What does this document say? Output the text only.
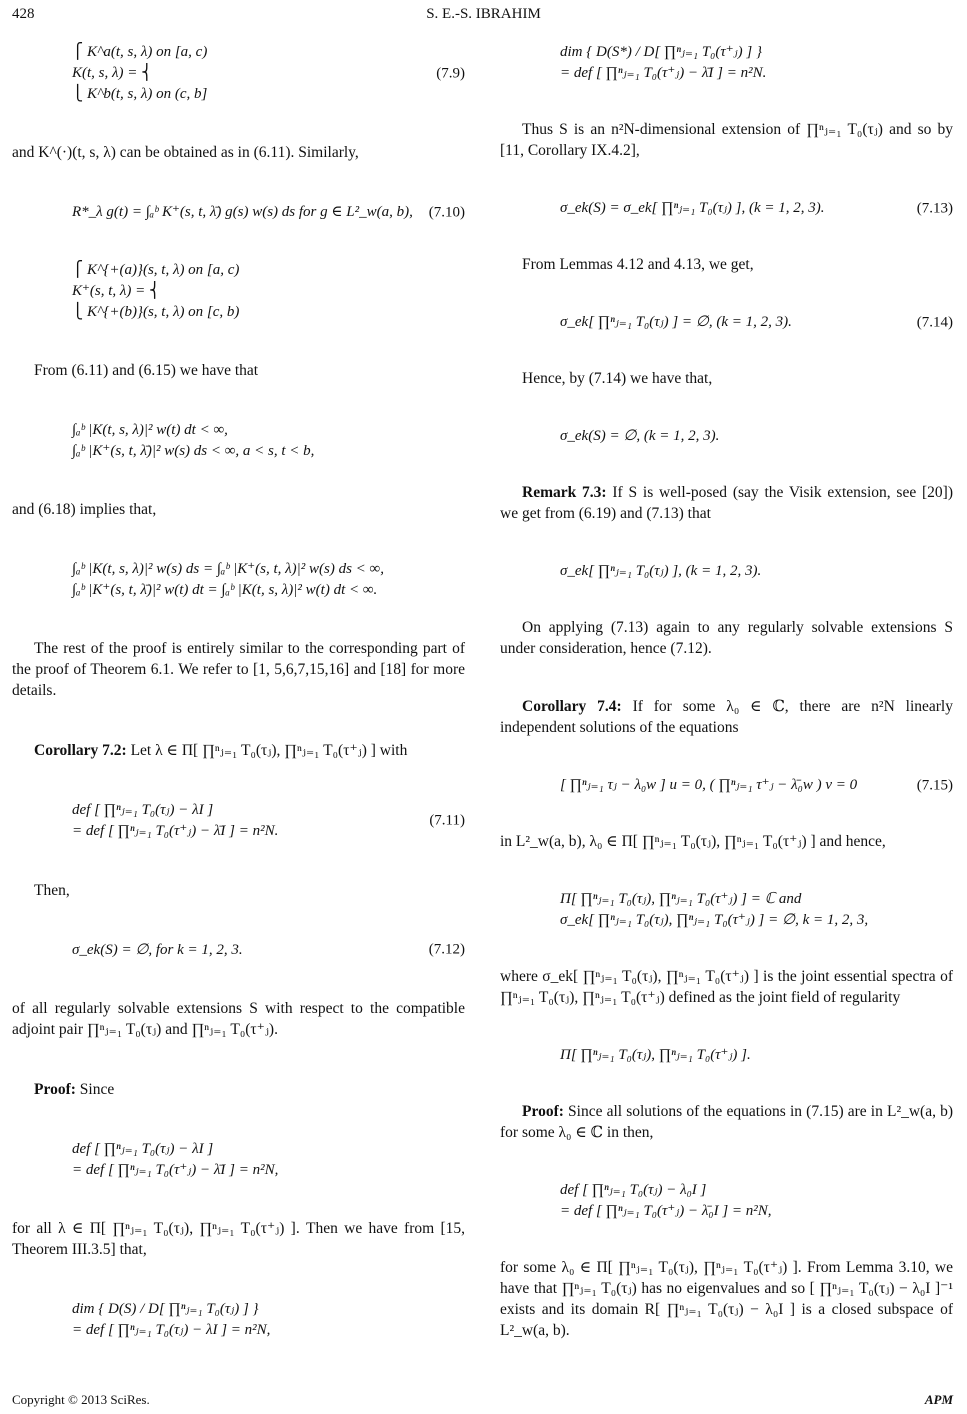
428	S. E.-S. IBRAHIM
⎧ K^a(t, s, λ) on [a, c)
K(t, s, λ) = ⎨
⎩ K^b(t, s, λ) on (c, b]
(7.9)

and K^(·)(t, s, λ) can be obtained as in (6.11). Similarly,

R*_λ g(t) = ∫ₐᵇ K⁺(s, t, λ̄) g(s) w(s) ds for g ∈ L²_w(a, b),	(7.10)
⎧ K^{+(a)}(s, t, λ) on [a, c)
K⁺(s, t, λ) = ⎨
⎩ K^{+(b)}(s, t, λ) on [c, b)

From (6.11) and (6.15) we have that

∫ₐᵇ |K(t, s, λ)|² w(t) dt < ∞,
∫ₐᵇ |K⁺(s, t, λ̄)|² w(s) ds < ∞, a < s, t < b,

and (6.18) implies that,

∫ₐᵇ |K(t, s, λ)|² w(s) ds = ∫ₐᵇ |K⁺(s, t, λ)|² w(s) ds < ∞,
∫ₐᵇ |K⁺(s, t, λ̄)|² w(t) dt = ∫ₐᵇ |K(t, s, λ)|² w(t) dt < ∞.

The rest of the proof is entirely similar to the corresponding part of the proof of Theorem 6.1. We refer to [1, 5,6,7,15,16] and [18] for more details.

Corollary 7.2: Let λ ∈ Π[ ∏ⁿⱼ₌₁ T₀(τⱼ), ∏ⁿⱼ₌₁ T₀(τ⁺ⱼ) ] with

def [ ∏ⁿⱼ₌₁ T₀(τⱼ) − λI ]
= def [ ∏ⁿⱼ₌₁ T₀(τ⁺ⱼ) − λ̄I ] = n²N.
(7.11)

Then,

σ_ek(S) = ∅, for k = 1, 2, 3.	(7.12)

of all regularly solvable extensions S with respect to the compatible adjoint pair ∏ⁿⱼ₌₁ T₀(τⱼ) and ∏ⁿⱼ₌₁ T₀(τ⁺ⱼ).

Proof: Since

def [ ∏ⁿⱼ₌₁ T₀(τⱼ) − λI ]
= def [ ∏ⁿⱼ₌₁ T₀(τ⁺ⱼ) − λ̄I ] = n²N,

for all λ ∈ Π[ ∏ⁿⱼ₌₁ T₀(τⱼ), ∏ⁿⱼ₌₁ T₀(τ⁺ⱼ) ]. Then we have from [15, Theorem III.3.5] that,

dim { D(S) / D[ ∏ⁿⱼ₌₁ T₀(τⱼ) ] }
= def [ ∏ⁿⱼ₌₁ T₀(τⱼ) − λI ] = n²N,
dim { D(S*) / D[ ∏ⁿⱼ₌₁ T₀(τ⁺ⱼ) ] }
= def [ ∏ⁿⱼ₌₁ T₀(τ⁺ⱼ) − λ̄I ] = n²N.

Thus S is an n²N-dimensional extension of ∏ⁿⱼ₌₁ T₀(τⱼ) and so by [11, Corollary IX.4.2],

σ_ek(S) = σ_ek[ ∏ⁿⱼ₌₁ T₀(τⱼ) ], (k = 1, 2, 3).	(7.13)

From Lemmas 4.12 and 4.13, we get,

σ_ek[ ∏ⁿⱼ₌₁ T₀(τⱼ) ] = ∅, (k = 1, 2, 3).	(7.14)

Hence, by (7.14) we have that,

σ_ek(S) = ∅, (k = 1, 2, 3).

Remark 7.3: If S is well-posed (say the Visik extension, see [20]) we get from (6.19) and (7.13) that

σ_ek[ ∏ⁿⱼ₌₁ T₀(τⱼ) ], (k = 1, 2, 3).

On applying (7.13) again to any regularly solvable extensions S under consideration, hence (7.12).

Corollary 7.4: If for some λ₀ ∈ ℂ, there are n²N linearly independent solutions of the equations

[ ∏ⁿⱼ₌₁ τⱼ − λ₀w ] u = 0, ( ∏ⁿⱼ₌₁ τ⁺ⱼ − λ̄₀w ) v = 0	(7.15)

in L²_w(a, b), λ₀ ∈ Π[ ∏ⁿⱼ₌₁ T₀(τⱼ), ∏ⁿⱼ₌₁ T₀(τ⁺ⱼ) ] and hence,

Π[ ∏ⁿⱼ₌₁ T₀(τⱼ), ∏ⁿⱼ₌₁ T₀(τ⁺ⱼ) ] = ℂ and
σ_ek[ ∏ⁿⱼ₌₁ T₀(τⱼ), ∏ⁿⱼ₌₁ T₀(τ⁺ⱼ) ] = ∅, k = 1, 2, 3,

where σ_ek[ ∏ⁿⱼ₌₁ T₀(τⱼ), ∏ⁿⱼ₌₁ T₀(τ⁺ⱼ) ] is the joint essential spectra of ∏ⁿⱼ₌₁ T₀(τⱼ), ∏ⁿⱼ₌₁ T₀(τ⁺ⱼ) defined as the joint field of regularity

Π[ ∏ⁿⱼ₌₁ T₀(τⱼ), ∏ⁿⱼ₌₁ T₀(τ⁺ⱼ) ].

Proof: Since all solutions of the equations in (7.15) are in L²_w(a, b) for some λ₀ ∈ ℂ in then,

def [ ∏ⁿⱼ₌₁ T₀(τⱼ) − λ₀I ]
= def [ ∏ⁿⱼ₌₁ T₀(τ⁺ⱼ) − λ̄₀I ] = n²N,

for some λ₀ ∈ Π[ ∏ⁿⱼ₌₁ T₀(τⱼ), ∏ⁿⱼ₌₁ T₀(τ⁺ⱼ) ]. From Lemma 3.10, we have that ∏ⁿⱼ₌₁ T₀(τⱼ) has no eigenvalues and so [ ∏ⁿⱼ₌₁ T₀(τⱼ) − λ₀I ]⁻¹ exists and its domain R[ ∏ⁿⱼ₌₁ T₀(τⱼ) − λ₀I ] is a closed subspace of L²_w(a, b).

Copyright © 2013 SciRes.	APM
